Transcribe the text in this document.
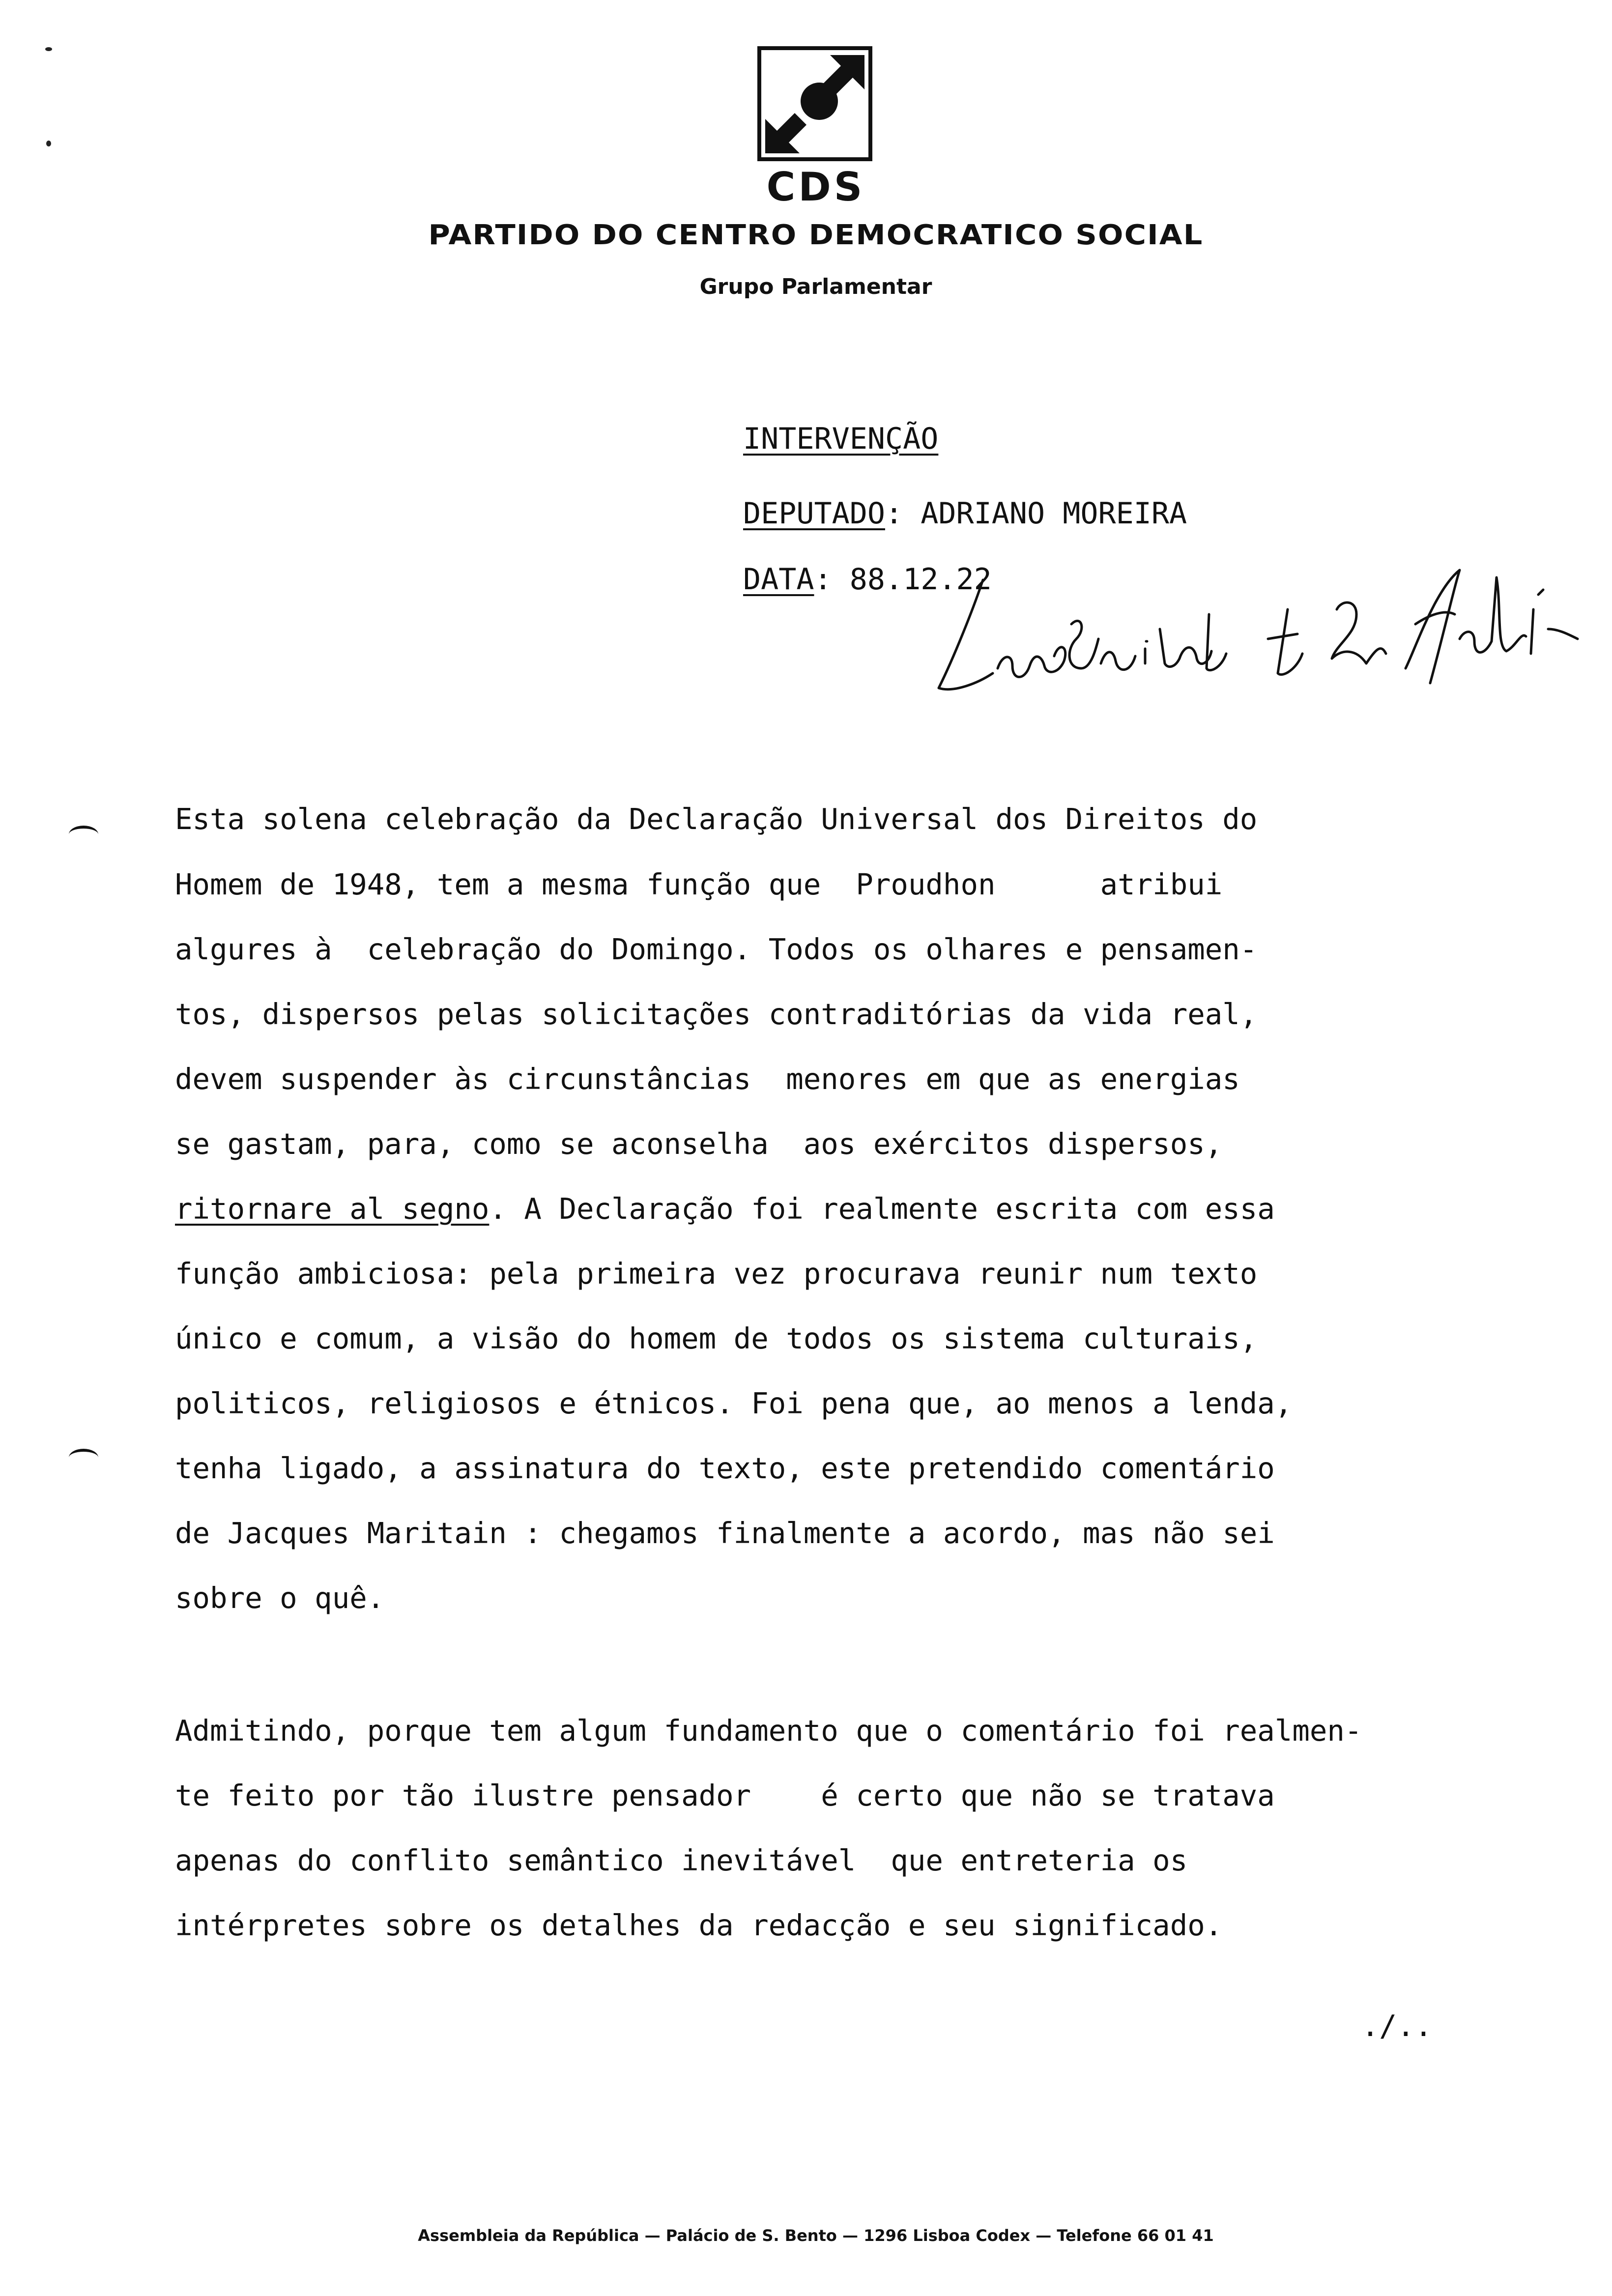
CDS
PARTIDO DO CENTRO DEMOCRATICO SOCIAL
Grupo Parlamentar
INTERVENÇÃO
DEPUTADO: ADRIANO MOREIRA
DATA: 88.12.22
Esta solena celebração da Declaração Universal dos Direitos do
Homem de 1948, tem a mesma função que  Proudhon      atribui
algures à  celebração do Domingo. Todos os olhares e pensamen-
tos, dispersos pelas solicitações contraditórias da vida real,
devem suspender às circunstâncias  menores em que as energias
se gastam, para, como se aconselha  aos exércitos dispersos,
ritornare al segno. A Declaração foi realmente escrita com essa
função ambiciosa: pela primeira vez procurava reunir num texto
único e comum, a visão do homem de todos os sistema culturais,
politicos, religiosos e étnicos. Foi pena que, ao menos a lenda,
tenha ligado, a assinatura do texto, este pretendido comentário
de Jacques Maritain : chegamos finalmente a acordo, mas não sei
sobre o quê.
Admitindo, porque tem algum fundamento que o comentário foi realmen-
te feito por tão ilustre pensador    é certo que não se tratava
apenas do conflito semântico inevitável  que entreteria os
intérpretes sobre os detalhes da redacção e seu significado.
./..
Assembleia da República — Palácio de S. Bento — 1296 Lisboa Codex — Telefone 66 01 41
